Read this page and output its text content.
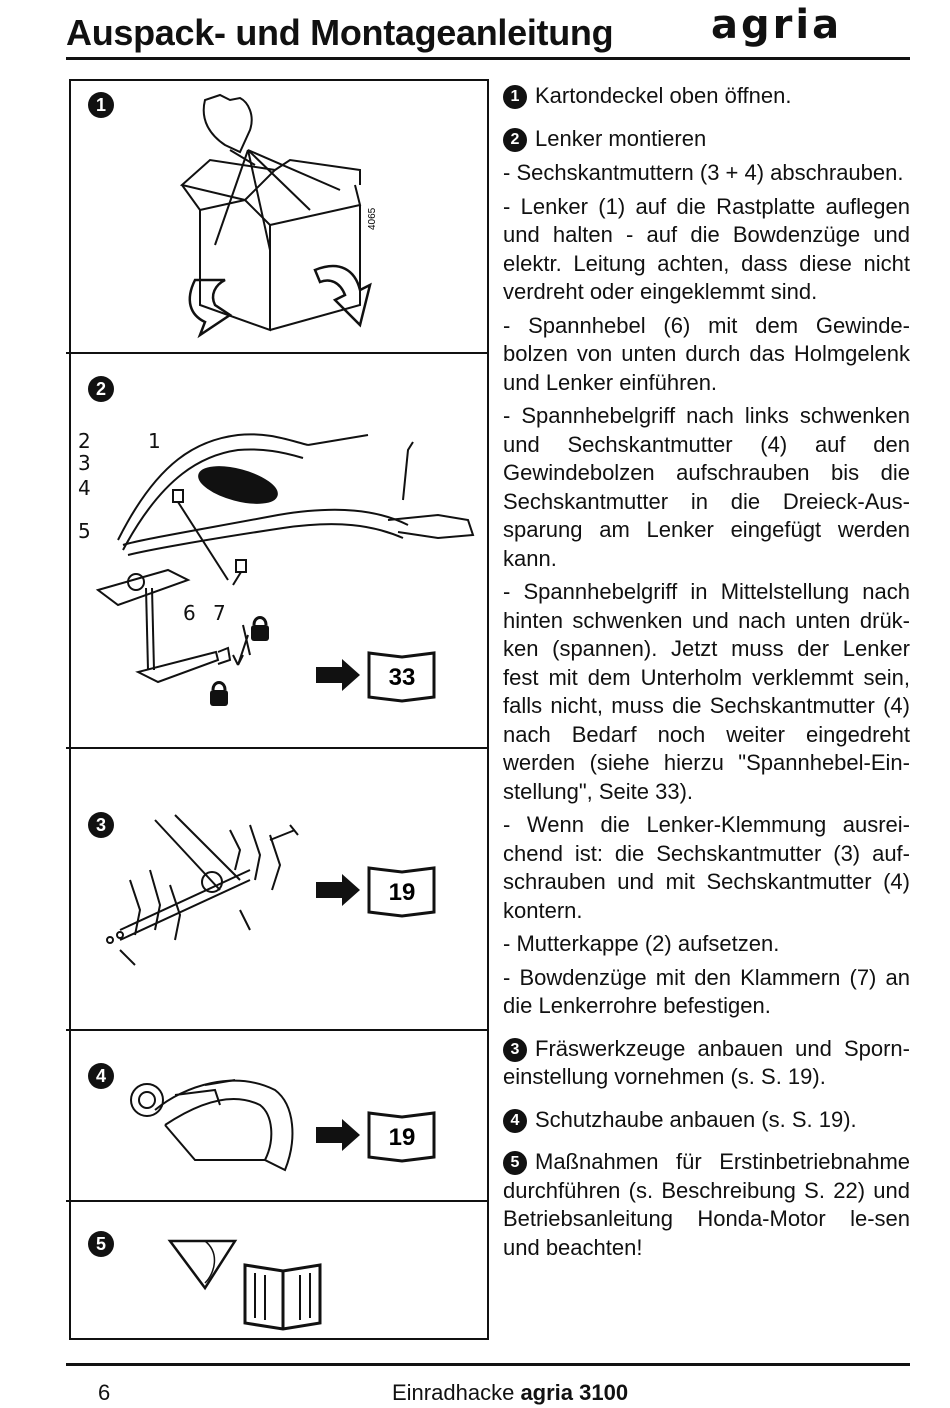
Auspack- und Montageanleitung agria
1
2
3
4
5
4065
2	1
3
4
5
6 7
33
19
19

1 Kartondeckel oben öffnen.

2 Lenker montieren

- Sechskantmuttern (3 + 4) abschrauben.

- Lenker (1) auf die Rastplatte auflegen und halten - auf die Bowdenzüge und elektr. Leitung achten, dass diese nicht verdreht oder eingeklemmt sind.

- Spannhebel (6) mit dem Gewinde-bolzen von unten durch das Holmgelenk und Lenker einführen.

- Spannhebelgriff nach links schwenken und Sechskantmutter (4) auf den Gewindebolzen aufschrauben bis die Sechskantmutter in die Dreieck-Aus-sparung am Lenker eingefügt werden kann.

- Spannhebelgriff in Mittelstellung nach hinten schwenken und nach unten drük-ken (spannen). Jetzt muss der Lenker fest mit dem Unterholm verklemmt sein, falls nicht, muss die Sechskantmutter (4) nach Bedarf noch weiter eingedreht werden (siehe hierzu "Spannhebel-Ein-stellung", Seite 33).

- Wenn die Lenker-Klemmung ausrei-chend ist: die Sechskantmutter (3) auf-schrauben und mit Sechskantmutter (4) kontern.

- Mutterkappe (2) aufsetzen.

- Bowdenzüge mit den Klammern (7) an die Lenkerrohre befestigen.

3 Fräswerkzeuge anbauen und Sporn-einstellung vornehmen (s. S. 19).

4 Schutzhaube anbauen (s. S. 19).

5 Maßnahmen für Erstinbetriebnahme durchführen (s. Beschreibung S. 22) und Betriebsanleitung Honda-Motor le-sen und beachten!

6	Einradhacke agria 3100
